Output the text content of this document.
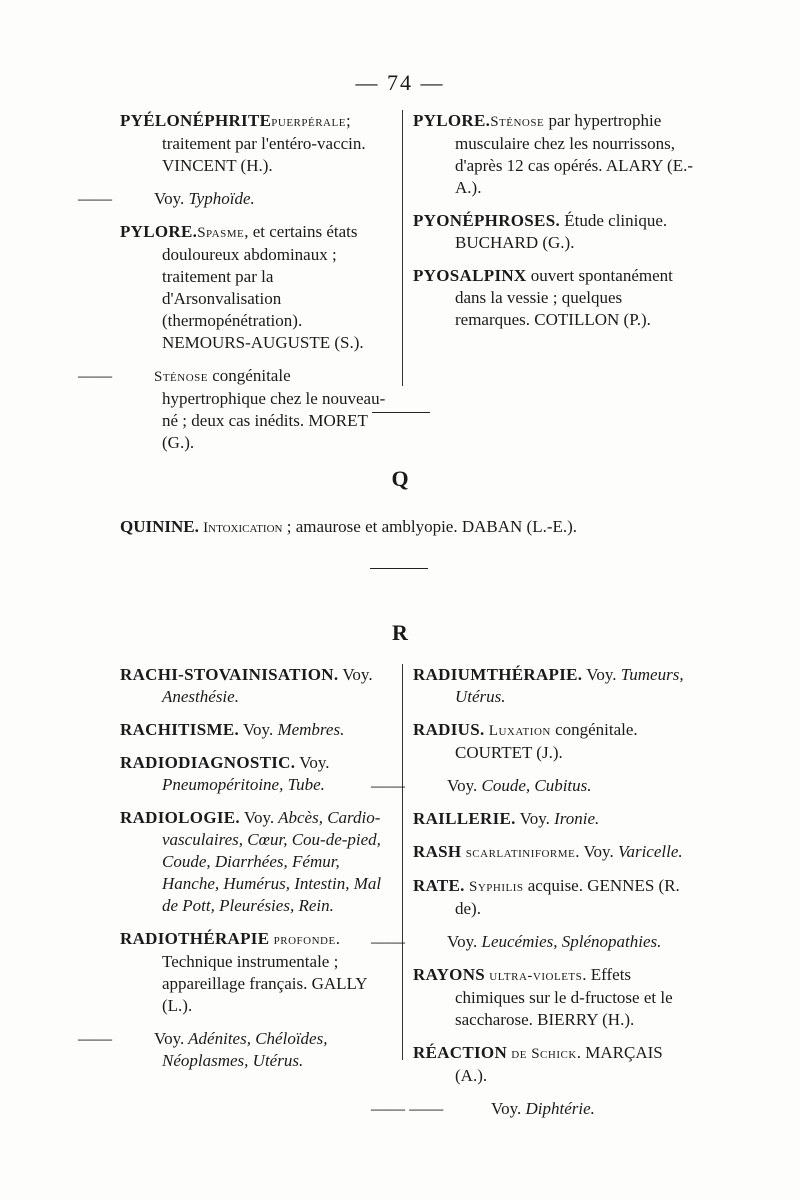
— 74 —
PYÉLONÉPHRITEpuerpérale; traitement par l'entéro-vaccin. VINCENT (H.).
——Voy. Typhoïde.
PYLORE.Spasme, et certains états douloureux abdominaux ; traitement par la d'Arsonvalisation (thermopénétration). NEMOURS-AUGUSTE (S.).
——	Sténose congénitale hypertrophique chez le nouveau-né ; deux cas inédits. MORET (G.).
PYLORE.Sténose par hypertrophie musculaire chez les nourrissons, d'après 12 cas opérés. ALARY (E.-A.).
PYONÉPHROSES. Étude clinique. BUCHARD (G.).
PYOSALPINX ouvert spontanément dans la vessie ; quelques remarques. COTILLON (P.).
Q
QUININE. Intoxication ; amaurose et amblyopie. DABAN (L.-E.).
R
RACHI-STOVAINISATION. Voy. Anesthésie.
RACHITISME. Voy. Membres.
RADIODIAGNOSTIC. Voy. Pneumopéritoine, Tube.
RADIOLOGIE. Voy. Abcès, Cardio-vasculaires, Cœur, Cou-de-pied, Coude, Diarrhées, Fémur, Hanche, Humérus, Intestin, Mal de Pott, Pleurésies, Rein.
RADIOTHÉRAPIE profonde. Technique instrumentale ; appareillage français. GALLY (L.).
——Voy. Adénites, Chéloïdes, Néoplasmes, Utérus.
RADIUMTHÉRAPIE. Voy. Tumeurs, Utérus.
RADIUS. Luxation congénitale. COURTET (J.).
——Voy. Coude, Cubitus.
RAILLERIE. Voy. Ironie.
RASH scarlatiniforme. Voy. Varicelle.
RATE. Syphilis acquise. GENNES (R. de).
——Voy. Leucémies, Splénopathies.
RAYONS ultra-violets. Effets chimiques sur le d-fructose et le saccharose. BIERRY (H.).
RÉACTION de Schick. MARÇAIS (A.).
—— ——	Voy. Diphtérie.
